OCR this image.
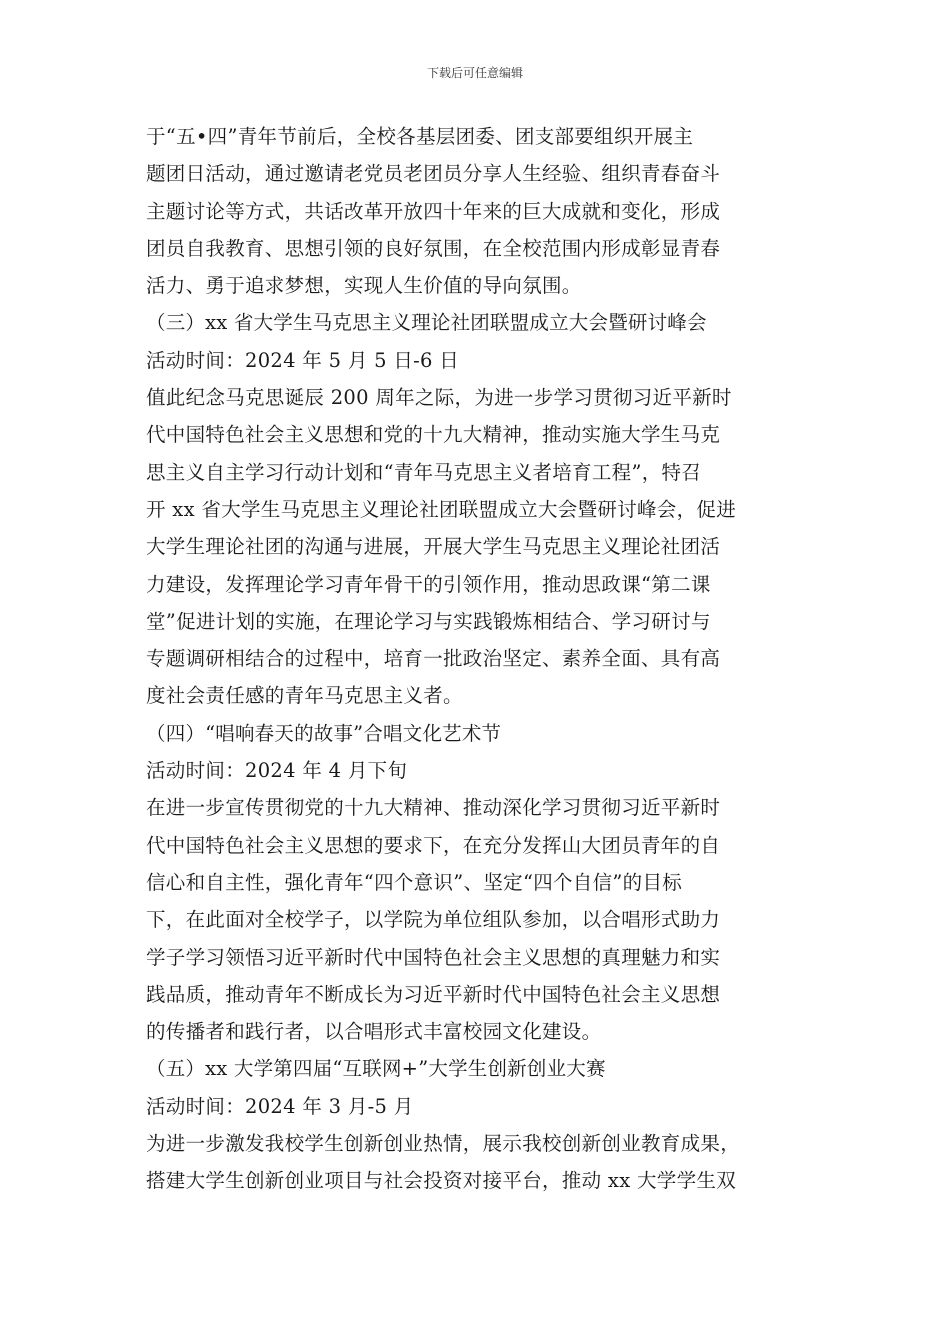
下载后可任意编辑
于“五•四”青年节前后，全校各基层团委、团支部要组织开展主
题团日活动，通过邀请老党员老团员分享人生经验、组织青春奋斗
主题讨论等方式，共话改革开放四十年来的巨大成就和变化，形成
团员自我教育、思想引领的良好氛围，在全校范围内形成彰显青春
活力、勇于追求梦想，实现人生价值的导向氛围。
（三）xx 省大学生马克思主义理论社团联盟成立大会暨研讨峰会
活动时间：2024 年 5 月 5 日-6 日
值此纪念马克思诞辰 200 周年之际，为进一步学习贯彻习近平新时
代中国特色社会主义思想和党的十九大精神，推动实施大学生马克
思主义自主学习行动计划和“青年马克思主义者培育工程”，特召
开 xx 省大学生马克思主义理论社团联盟成立大会暨研讨峰会，促进
大学生理论社团的沟通与进展，开展大学生马克思主义理论社团活
力建设，发挥理论学习青年骨干的引领作用，推动思政课“第二课
堂”促进计划的实施，在理论学习与实践锻炼相结合、学习研讨与
专题调研相结合的过程中，培育一批政治坚定、素养全面、具有高
度社会责任感的青年马克思主义者。
（四）“唱响春天的故事”合唱文化艺术节
活动时间：2024 年 4 月下旬
在进一步宣传贯彻党的十九大精神、推动深化学习贯彻习近平新时
代中国特色社会主义思想的要求下，在充分发挥山大团员青年的自
信心和自主性，强化青年“四个意识”、坚定“四个自信”的目标
下，在此面对全校学子，以学院为单位组队参加，以合唱形式助力
学子学习领悟习近平新时代中国特色社会主义思想的真理魅力和实
践品质，推动青年不断成长为习近平新时代中国特色社会主义思想
的传播者和践行者，以合唱形式丰富校园文化建设。
（五）xx 大学第四届“互联网+”大学生创新创业大赛
活动时间：2024 年 3 月-5 月
为进一步激发我校学生创新创业热情，展示我校创新创业教育成果，
搭建大学生创新创业项目与社会投资对接平台，推动 xx 大学学生双
